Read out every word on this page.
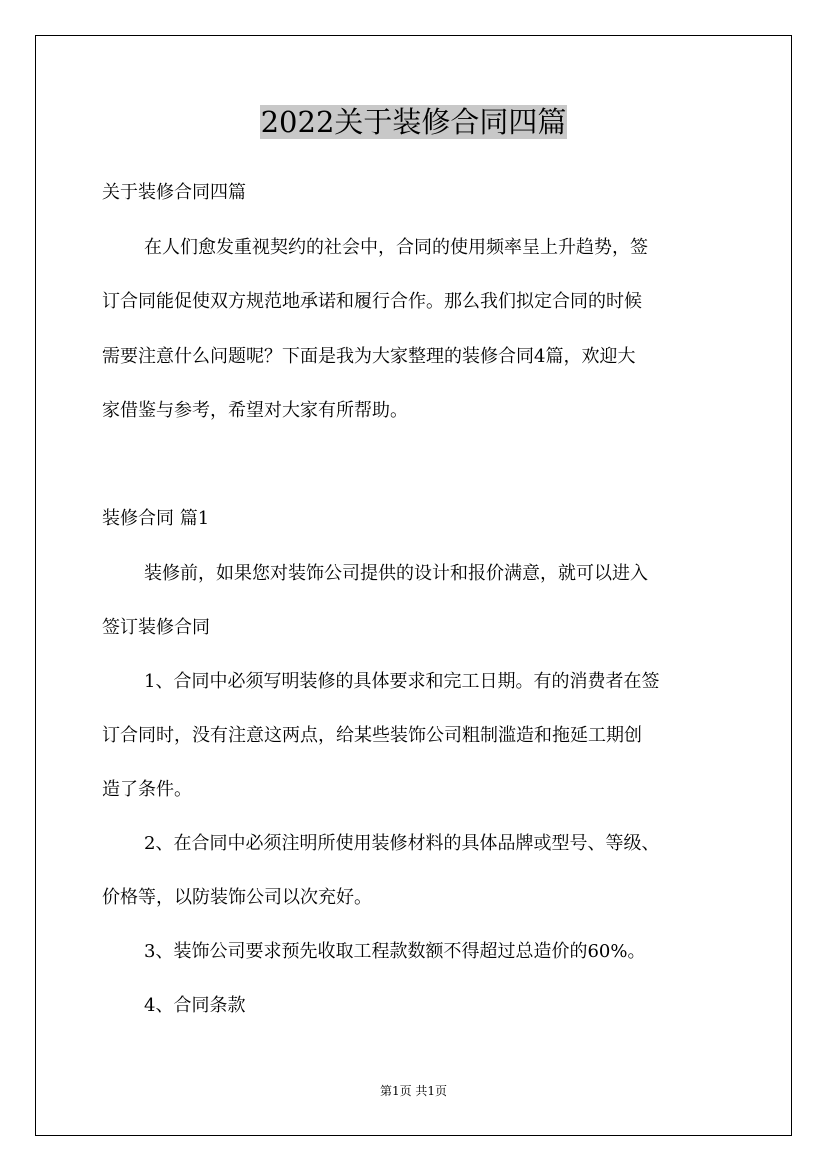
2022关于装修合同四篇
关于装修合同四篇
在人们愈发重视契约的社会中，合同的使用频率呈上升趋势，签
订合同能促使双方规范地承诺和履行合作。那么我们拟定合同的时候
需要注意什么问题呢？下面是我为大家整理的装修合同4篇，欢迎大
家借鉴与参考，希望对大家有所帮助。
装修合同 篇1
装修前，如果您对装饰公司提供的设计和报价满意，就可以进入
签订装修合同
1、合同中必须写明装修的具体要求和完工日期。有的消费者在签
订合同时，没有注意这两点，给某些装饰公司粗制滥造和拖延工期创
造了条件。
2、在合同中必须注明所使用装修材料的具体品牌或型号、等级、
价格等，以防装饰公司以次充好。
3、装饰公司要求预先收取工程款数额不得超过总造价的60%。
4、合同条款
第1页 共1页
